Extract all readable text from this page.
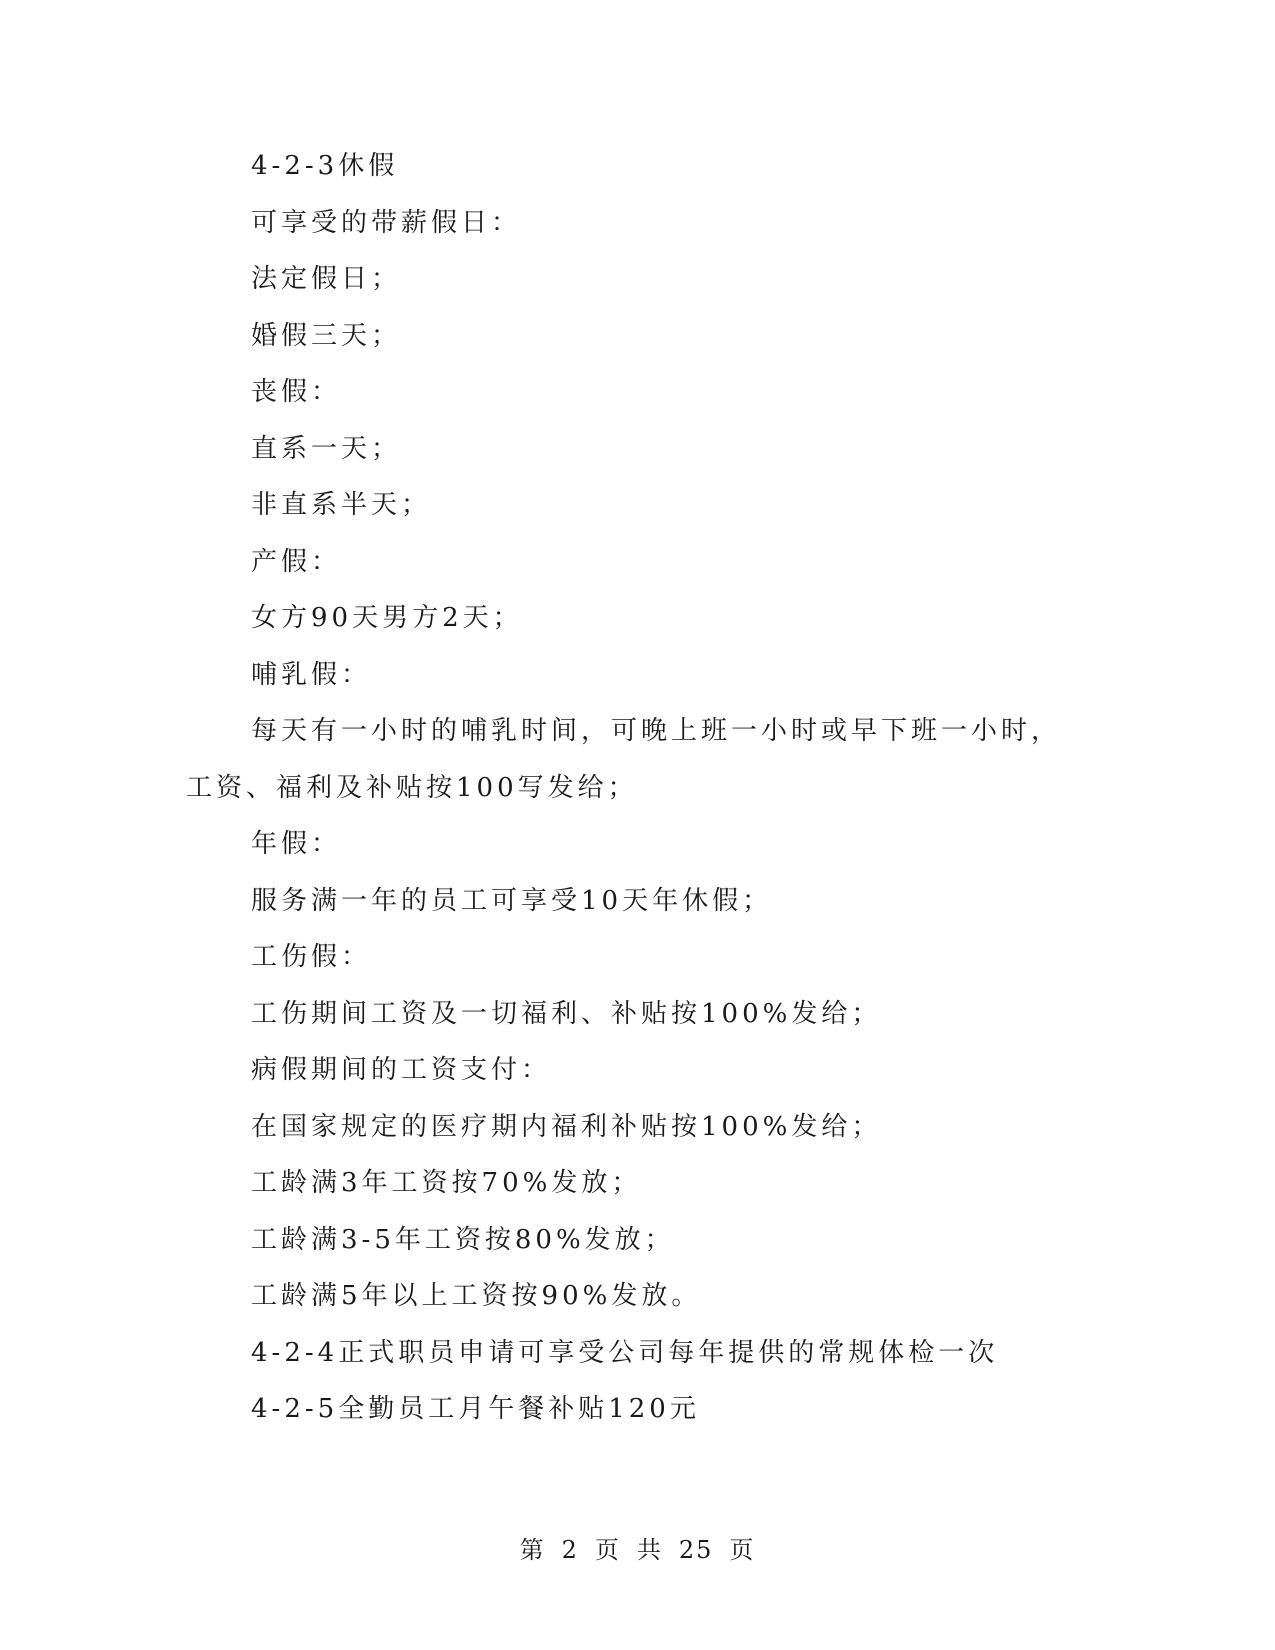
4-2-3休假

可享受的带薪假日：

法定假日；

婚假三天；

丧假：

直系一天；

非直系半天；

产假：

女方90天男方2天；

哺乳假：

每天有一小时的哺乳时间，可晚上班一小时或早下班一小时，工资、福利及补贴按100写发给；

年假：

服务满一年的员工可享受10天年休假；

工伤假：

工伤期间工资及一切福利、补贴按100%发给；

病假期间的工资支付：

在国家规定的医疗期内福利补贴按100%发给；

工龄满3年工资按70%发放；

工龄满3-5年工资按80%发放；

工龄满5年以上工资按90%发放。

4-2-4正式职员申请可享受公司每年提供的常规体检一次

4-2-5全勤员工月午餐补贴120元

第 2 页 共 25 页
